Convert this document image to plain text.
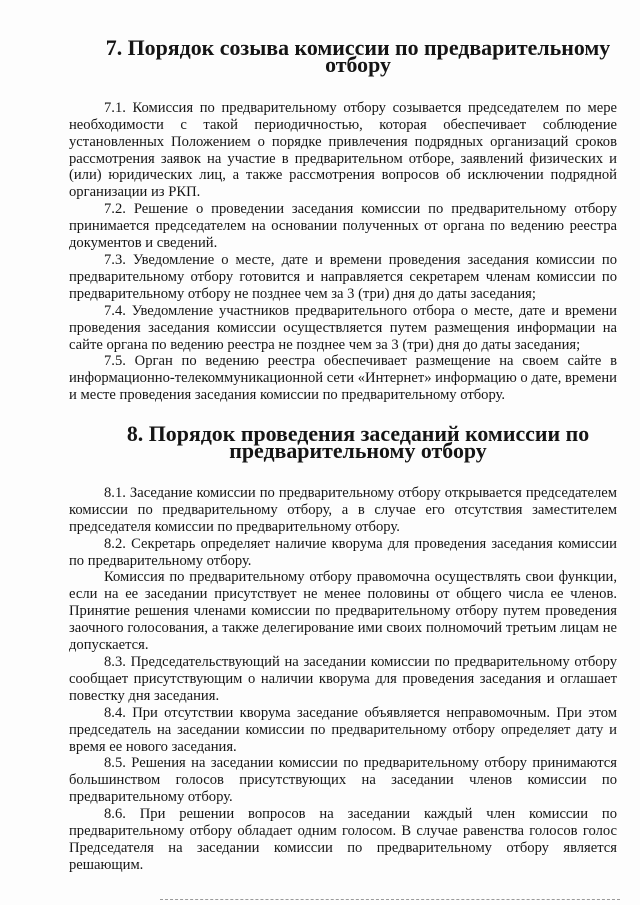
7. Порядок созыва комиссии по предварительному отбору

7.1. Комиссия по предварительному отбору созывается председателем по мере необходимости с такой периодичностью, которая обеспечивает соблюдение установленных Положением о порядке привлечения подрядных организаций сроков рассмотрения заявок на участие в предварительном отборе, заявлений физических и (или) юридических лиц, а также рассмотрения вопросов об исключении подрядной организации из РКП.

7.2. Решение о проведении заседания комиссии по предварительному отбору принимается председателем на основании полученных от органа по ведению реестра документов и сведений.

7.3. Уведомление о месте, дате и времени проведения заседания комиссии по предварительному отбору готовится и направляется секретарем членам комиссии по предварительному отбору не позднее чем за 3 (три) дня до даты заседания;

7.4. Уведомление участников предварительного отбора о месте, дате и времени проведения заседания комиссии осуществляется путем размещения информации на сайте органа по ведению реестра не позднее чем за 3 (три) дня до даты заседания;

7.5. Орган по ведению реестра обеспечивает размещение на своем сайте в информационно-телекоммуникационной сети «Интернет» информацию о дате, времени и месте проведения заседания комиссии по предварительному отбору.

8. Порядок проведения заседаний комиссии по предварительному отбору

8.1. Заседание комиссии по предварительному отбору открывается председателем комиссии по предварительному отбору, а в случае его отсутствия заместителем председателя комиссии по предварительному отбору.

8.2. Секретарь определяет наличие кворума для проведения заседания комиссии по предварительному отбору.

Комиссия по предварительному отбору правомочна осуществлять свои функции, если на ее заседании присутствует не менее половины от общего числа ее членов. Принятие решения членами комиссии по предварительному отбору путем проведения заочного голосования, а также делегирование ими своих полномочий третьим лицам не допускается.

8.3. Председательствующий на заседании комиссии по предварительному отбору сообщает присутствующим о наличии кворума для проведения заседания и оглашает повестку дня заседания.

8.4. При отсутствии кворума заседание объявляется неправомочным. При этом председатель на заседании комиссии по предварительному отбору определяет дату и время ее нового заседания.

8.5. Решения на заседании комиссии по предварительному отбору принимаются большинством голосов присутствующих на заседании членов комиссии по предварительному отбору.

8.6. При решении вопросов на заседании каждый член комиссии по предварительному отбору обладает одним голосом. В случае равенства голосов голос Председателя на заседании комиссии по предварительному отбору является решающим.
